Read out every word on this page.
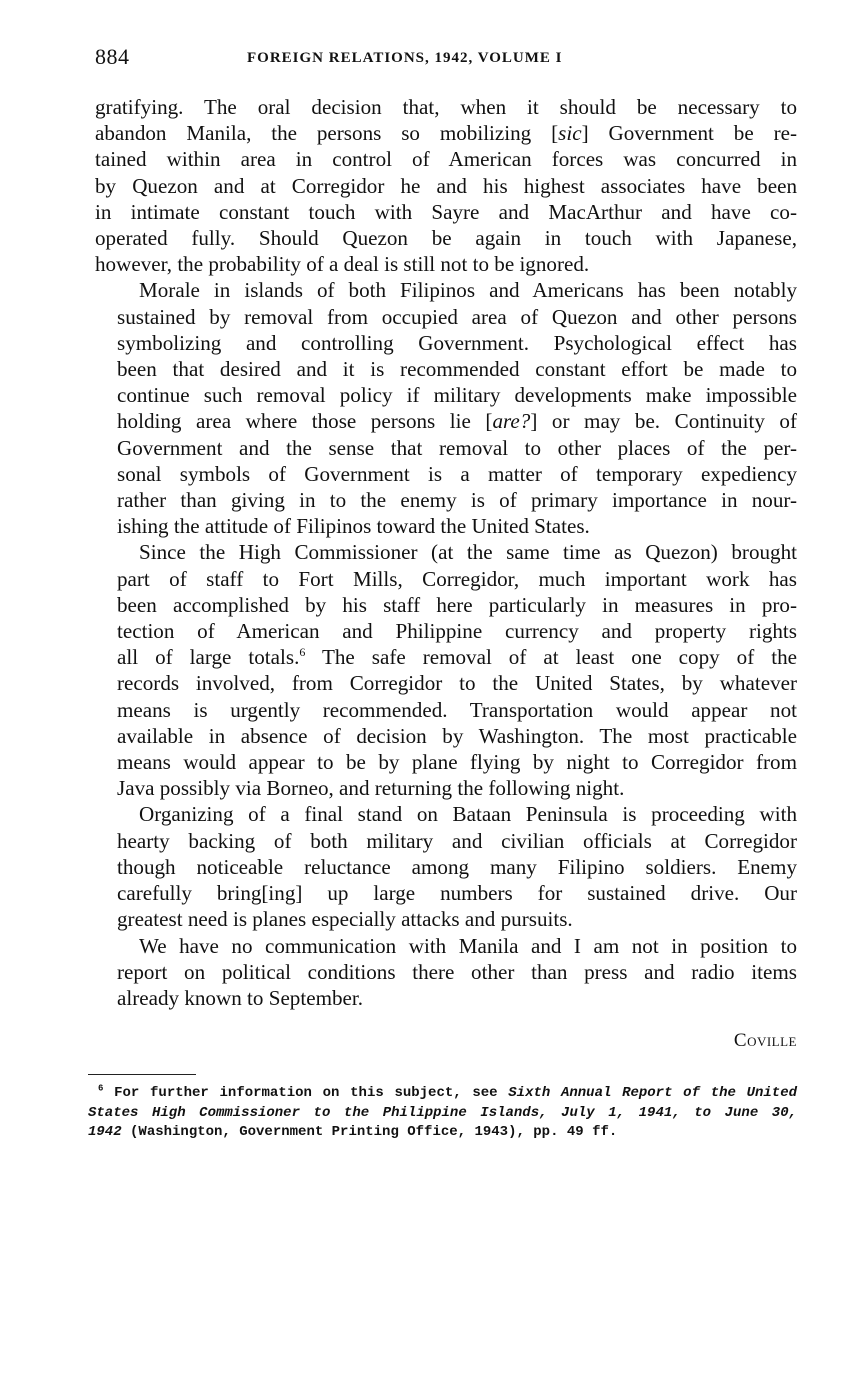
884	FOREIGN RELATIONS, 1942, VOLUME I
gratifying. The oral decision that, when it should be necessary to
abandon Manila, the persons so mobilizing [sic] Government be re-
tained within area in control of American forces was concurred in
by Quezon and at Corregidor he and his highest associates have been
in intimate constant touch with Sayre and MacArthur and have co-
operated fully. Should Quezon be again in touch with Japanese,
however, the probability of a deal is still not to be ignored.
Morale in islands of both Filipinos and Americans has been notably
sustained by removal from occupied area of Quezon and other persons
symbolizing and controlling Government. Psychological effect has
been that desired and it is recommended constant effort be made to
continue such removal policy if military developments make impossible
holding area where those persons lie [are?] or may be. Continuity of
Government and the sense that removal to other places of the per-
sonal symbols of Government is a matter of temporary expediency
rather than giving in to the enemy is of primary importance in nour-
ishing the attitude of Filipinos toward the United States.
Since the High Commissioner (at the same time as Quezon) brought
part of staff to Fort Mills, Corregidor, much important work has
been accomplished by his staff here particularly in measures in pro-
tection of American and Philippine currency and property rights
all of large totals.$^6$ The safe removal of at least one copy of the
records involved, from Corregidor to the United States, by whatever
means is urgently recommended. Transportation would appear not
available in absence of decision by Washington. The most practicable
means would appear to be by plane flying by night to Corregidor from
Java possibly via Borneo, and returning the following night.
Organizing of a final stand on Bataan Peninsula is proceeding with
hearty backing of both military and civilian officials at Corregidor
though noticeable reluctance among many Filipino soldiers. Enemy
carefully bring[ing] up large numbers for sustained drive. Our
greatest need is planes especially attacks and pursuits.
We have no communication with Manila and I am not in position to
report on political conditions there other than press and radio items
already known to September.
Coville
$^6$ For further information on this subject, see Sixth Annual Report of the United
States High Commissioner to the Philippine Islands, July 1, 1941, to June 30,
1942 (Washington, Government Printing Office, 1943), pp. 49 ff.
